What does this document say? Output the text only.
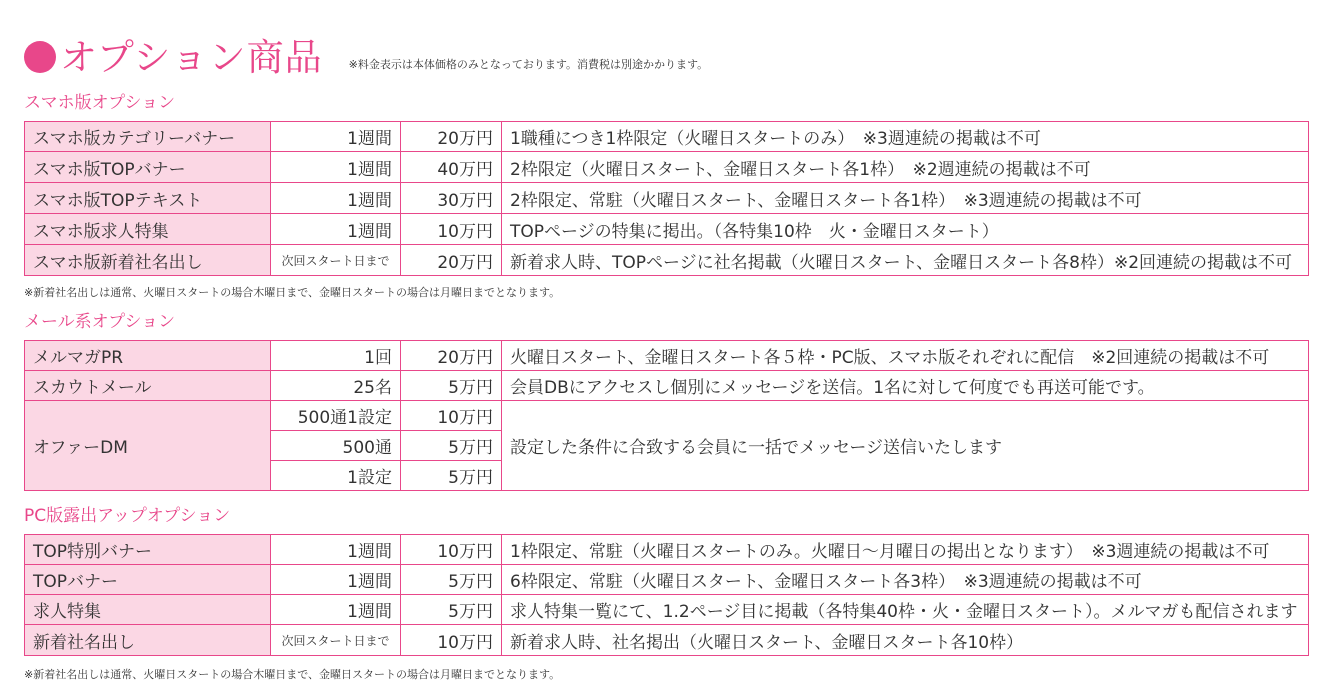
オプション商品 ※料金表示は本体価格のみとなっております。消費税は別途かかります。
スマホ版オプション
スマホ版カテゴリーバナー	1週間	20万円	1職種につき1枠限定（火曜日スタートのみ）　※3週連続の掲載は不可
スマホ版TOPバナー	1週間	40万円	2枠限定（火曜日スタート、金曜日スタート各1枠）　※2週連続の掲載は不可
スマホ版TOPテキスト	1週間	30万円	2枠限定、常駐（火曜日スタート、金曜日スタート各1枠）　※3週連続の掲載は不可
スマホ版求人特集	1週間	10万円	TOPページの特集に掲出。（各特集10枠　火・金曜日スタート）
スマホ版新着社名出し	次回スタート日まで	20万円	新着求人時、TOPページに社名掲載（火曜日スタート、金曜日スタート各8枠）※2回連続の掲載は不可
※新着社名出しは通常、火曜日スタートの場合木曜日まで、金曜日スタートの場合は月曜日までとなります。
メール系オプション
メルマガPR	1回	20万円	火曜日スタート、金曜日スタート各５枠・PC版、スマホ版それぞれに配信　※2回連続の掲載は不可
スカウトメール	25名	5万円	会員DBにアクセスし個別にメッセージを送信。1名に対して何度でも再送可能です。
オファーDM	500通1設定	10万円	設定した条件に合致する会員に一括でメッセージ送信いたします
	500通	5万円	
	1設定	5万円	
PC版露出アップオプション
TOP特別バナー	1週間	10万円	1枠限定、常駐（火曜日スタートのみ。火曜日～月曜日の掲出となります）　※3週連続の掲載は不可
TOPバナー	1週間	5万円	6枠限定、常駐（火曜日スタート、金曜日スタート各3枠）　※3週連続の掲載は不可
求人特集	1週間	5万円	求人特集一覧にて、1.2ページ目に掲載（各特集40枠・火・金曜日スタート）。メルマガも配信されます
新着社名出し	次回スタート日まで	10万円	新着求人時、社名掲出（火曜日スタート、金曜日スタート各10枠）
※新着社名出しは通常、火曜日スタートの場合木曜日まで、金曜日スタートの場合は月曜日までとなります。
